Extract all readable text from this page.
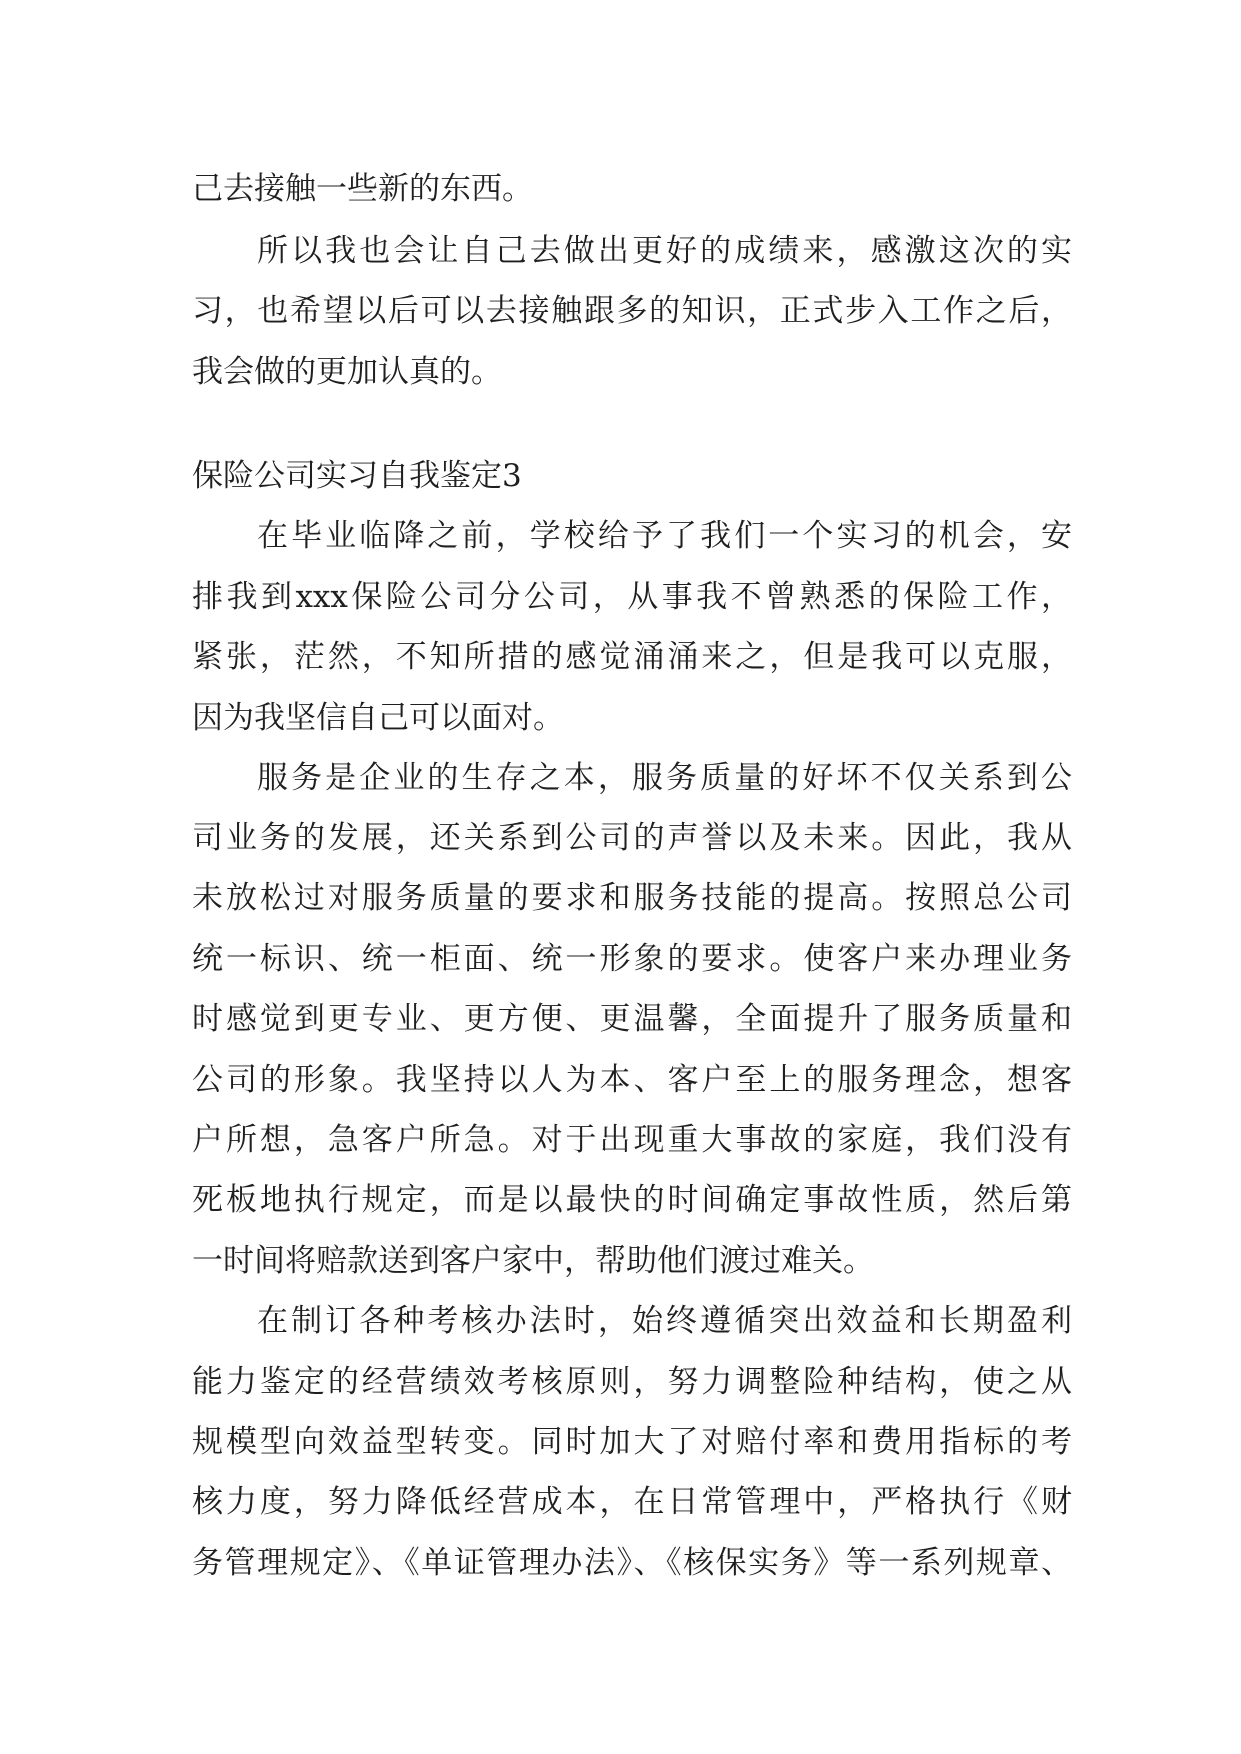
己去接触一些新的东西。
所以我也会让自己去做出更好的成绩来，感激这次的实
习，也希望以后可以去接触跟多的知识，正式步入工作之后，
我会做的更加认真的。
保险公司实习自我鉴定3
在毕业临降之前，学校给予了我们一个实习的机会，安
排我到xxx保险公司分公司，从事我不曾熟悉的保险工作，
紧张，茫然，不知所措的感觉涌涌来之，但是我可以克服，
因为我坚信自己可以面对。
服务是企业的生存之本，服务质量的好坏不仅关系到公
司业务的发展，还关系到公司的声誉以及未来。因此，我从
未放松过对服务质量的要求和服务技能的提高。按照总公司
统一标识、统一柜面、统一形象的要求。使客户来办理业务
时感觉到更专业、更方便、更温馨，全面提升了服务质量和
公司的形象。我坚持以人为本、客户至上的服务理念，想客
户所想，急客户所急。对于出现重大事故的家庭，我们没有
死板地执行规定，而是以最快的时间确定事故性质，然后第
一时间将赔款送到客户家中，帮助他们渡过难关。
在制订各种考核办法时，始终遵循突出效益和长期盈利
能力鉴定的经营绩效考核原则，努力调整险种结构，使之从
规模型向效益型转变。同时加大了对赔付率和费用指标的考
核力度，努力降低经营成本，在日常管理中，严格执行《财
务管理规定》、《单证管理办法》、《核保实务》等一系列规章、
